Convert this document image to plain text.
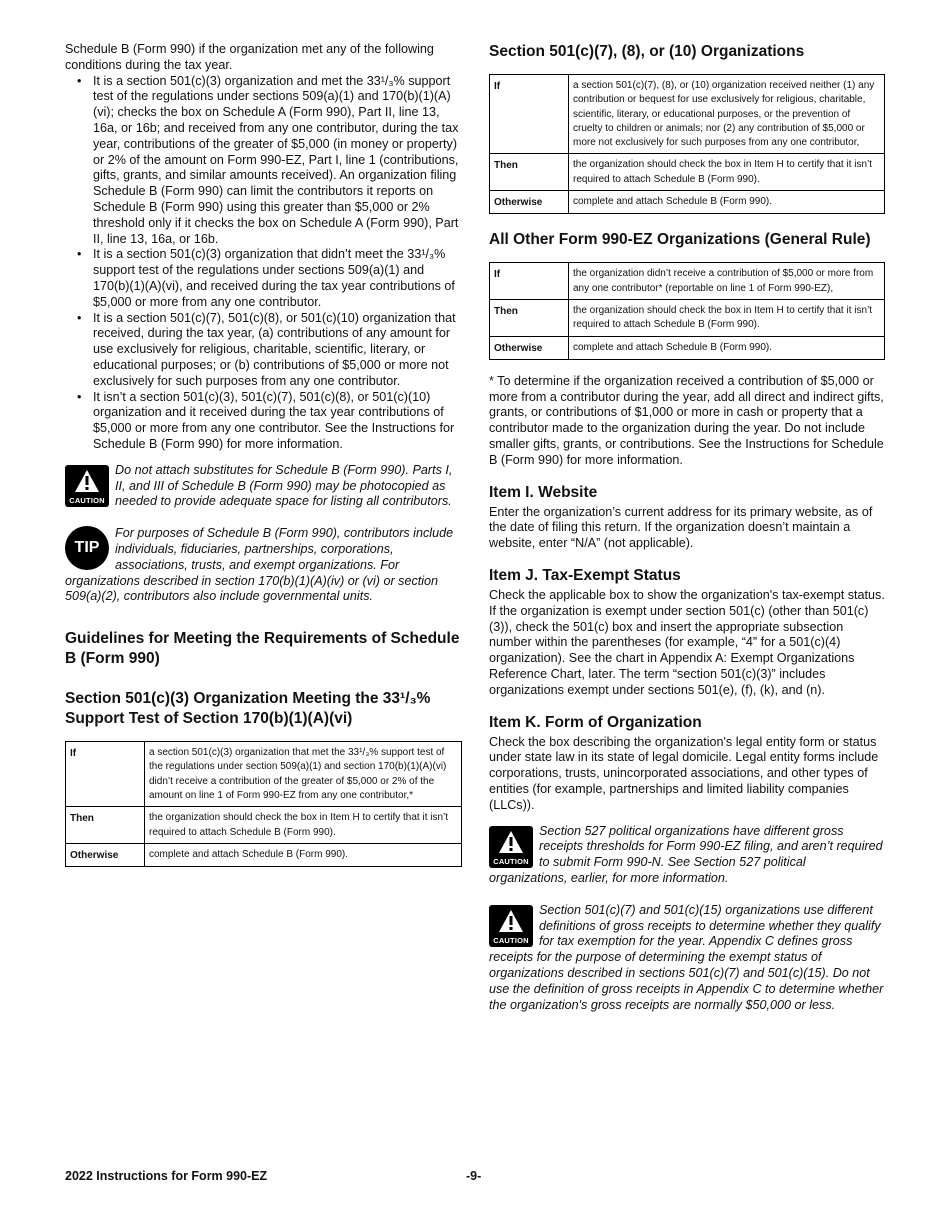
Schedule B (Form 990) if the organization met any of the following conditions during the tax year.

• It is a section 501(c)(3) organization and met the 33¹/₃% support test of the regulations under sections 509(a)(1) and 170(b)(1)(A)(vi); checks the box on Schedule A (Form 990), Part II, line 13, 16a, or 16b; and received from any one contributor, during the tax year, contributions of the greater of $5,000 (in money or property) or 2% of the amount on Form 990-EZ, Part I, line 1 (contributions, gifts, grants, and similar amounts received). An organization filing Schedule B (Form 990) can limit the contributors it reports on Schedule B (Form 990) using this greater than $5,000 or 2% threshold only if it checks the box on Schedule A (Form 990), Part II, line 13, 16a, or 16b.
• It is a section 501(c)(3) organization that didn’t meet the 33¹/₃% support test of the regulations under sections 509(a)(1) and 170(b)(1)(A)(vi), and received during the tax year contributions of $5,000 or more from any one contributor.
• It is a section 501(c)(7), 501(c)(8), or 501(c)(10) organization that received, during the tax year, (a) contributions of any amount for use exclusively for religious, charitable, scientific, literary, or educational purposes; or (b) contributions of $5,000 or more not exclusively for such purposes from any one contributor.
• It isn’t a section 501(c)(3), 501(c)(7), 501(c)(8), or 501(c)(10) organization and it received during the tax year contributions of $5,000 or more from any one contributor. See the Instructions for Schedule B (Form 990) for more information.
CAUTION

Do not attach substitutes for Schedule B (Form 990). Parts I, II, and III of Schedule B (Form 990) may be photocopied as needed to provide adequate space for listing all contributors.

TIP

For purposes of Schedule B (Form 990), contributors include individuals, fiduciaries, partnerships, corporations, associations, trusts, and exempt organizations. For organizations described in section 170(b)(1)(A)(iv) or (vi) or section 509(a)(2), contributors also include governmental units.

Guidelines for Meeting the Requirements of Schedule B (Form 990)
Section 501(c)(3) Organization Meeting the 33¹/₃% Support Test of Section 170(b)(1)(A)(vi)
If	a section 501(c)(3) organization that met the 33¹/₃% support test of the regulations under section 509(a)(1) and section 170(b)(1)(A)(vi) didn’t receive a contribution of the greater of $5,000 or 2% of the amount on line 1 of Form 990-EZ from any one contributor,*
Then	the organization should check the box in Item H to certify that it isn’t required to attach Schedule B (Form 990).
Otherwise	complete and attach Schedule B (Form 990).
Section 501(c)(7), (8), or (10) Organizations
If	a section 501(c)(7), (8), or (10) organization received neither (1) any contribution or bequest for use exclusively for religious, charitable, scientific, literary, or educational purposes, or the prevention of cruelty to children or animals; nor (2) any contribution of $5,000 or more not exclusively for such purposes from any one contributor,
Then	the organization should check the box in Item H to certify that it isn’t required to attach Schedule B (Form 990).
Otherwise	complete and attach Schedule B (Form 990).
All Other Form 990-EZ Organizations (General Rule)
If	the organization didn’t receive a contribution of $5,000 or more from any one contributor* (reportable on line 1 of Form 990-EZ),
Then	the organization should check the box in Item H to certify that it isn’t required to attach Schedule B (Form 990).
Otherwise	complete and attach Schedule B (Form 990).

* To determine if the organization received a contribution of $5,000 or more from a contributor during the year, add all direct and indirect gifts, grants, or contributions of $1,000 or more in cash or property that a contributor made to the organization during the year. Do not include smaller gifts, grants, or contributions. See the Instructions for Schedule B (Form 990) for more information.

Item I. Website

Enter the organization’s current address for its primary website, as of the date of filing this return. If the organization doesn’t maintain a website, enter “N/A” (not applicable).

Item J. Tax-Exempt Status

Check the applicable box to show the organization's tax-exempt status. If the organization is exempt under section 501(c) (other than 501(c)(3)), check the 501(c) box and insert the appropriate subsection number within the parentheses (for example, “4” for a 501(c)(4) organization). See the chart in Appendix A: Exempt Organizations Reference Chart, later. The term “section 501(c)(3)” includes organizations exempt under sections 501(e), (f), (k), and (n).

Item K. Form of Organization

Check the box describing the organization's legal entity form or status under state law in its state of legal domicile. Legal entity forms include corporations, trusts, unincorporated associations, and other types of entities (for example, partnerships and limited liability companies (LLCs)).

CAUTION

Section 527 political organizations have different gross receipts thresholds for Form 990-EZ filing, and aren’t required to submit Form 990-N. See Section 527 political organizations, earlier, for more information.

CAUTION

Section 501(c)(7) and 501(c)(15) organizations use different definitions of gross receipts to determine whether they qualify for tax exemption for the year. Appendix C defines gross receipts for the purpose of determining the exempt status of organizations described in sections 501(c)(7) and 501(c)(15). Do not use the definition of gross receipts in Appendix C to determine whether the organization's gross receipts are normally $50,000 or less.

2022 Instructions for Form 990-EZ	-9-
